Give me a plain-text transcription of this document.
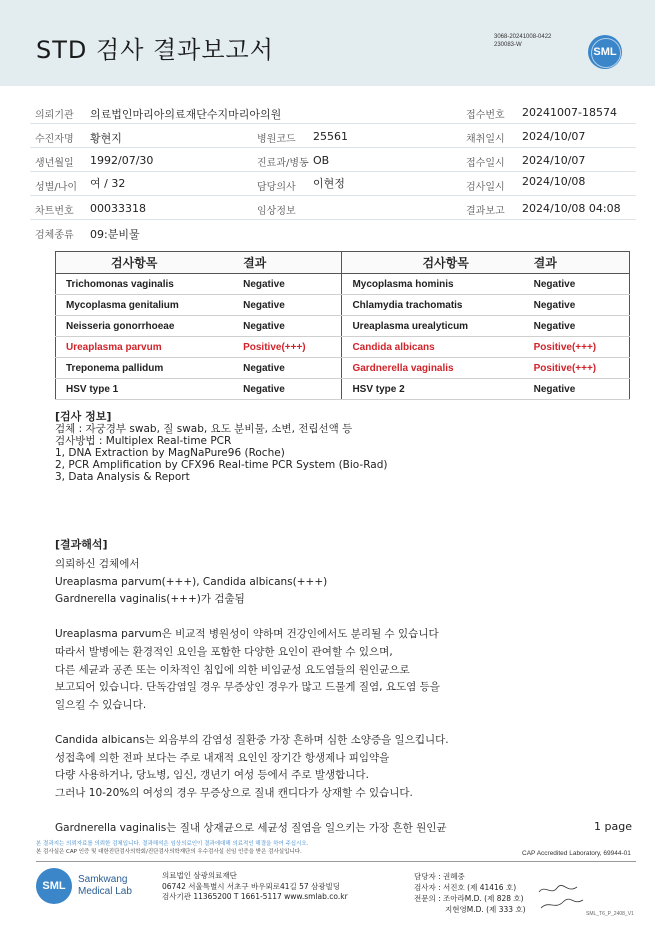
STD 검사 결과보고서	3068-20241008-0422
230083-W
SML
의뢰기관 의료법인마리아의료재단수지마리아의원	접수번호 20241007-18574
수진자명 황현지	병원코드 25561	채취일시 2024/10/07
생년월일 1992/07/30	진료과/병동 OB	접수일시 2024/10/07
성별/나이 여 / 32	담당의사 이현정	검사일시 2024/10/08
차트번호 00033318	임상정보	결과보고 2024/10/08 04:08
검체종류 09:분비물
검사항목	결과	검사항목	결과
Trichomonas vaginalis	Negative	Mycoplasma hominis	Negative
Mycoplasma genitalium	Negative	Chlamydia trachomatis	Negative
Neisseria gonorrhoeae	Negative	Ureaplasma urealyticum	Negative
Ureaplasma parvum	Positive(+++)	Candida albicans	Positive(+++)
Treponema pallidum	Negative	Gardnerella vaginalis	Positive(+++)
HSV type 1	Negative	HSV type 2	Negative
[검사 정보]
검체 : 자궁경부 swab, 질 swab, 요도 분비물, 소변, 전립선액 등
검사방법 : Multiplex Real-time PCR
1, DNA Extraction by MagNaPure96 (Roche)
2, PCR Amplification by CFX96 Real-time PCR System (Bio-Rad)
3, Data Analysis & Report
[결과해석]

의뢰하신 검체에서
Ureaplasma parvum(+++), Candida albicans(+++)
Gardnerella vaginalis(+++)가 검출됨

Ureaplasma parvum은 비교적 병원성이 약하며 건강인에서도 분리될 수 있습니다
따라서 발병에는 환경적인 요인을 포함한 다양한 요인이 관여할 수 있으며,
다른 세균과 공존 또는 이차적인 침입에 의한 비임균성 요도염들의 원인균으로
보고되어 있습니다. 단독감염일 경우 무증상인 경우가 많고 드물게 질염, 요도염 등을
일으킬 수 있습니다.

Candida albicans는 외음부의 감염성 질환중 가장 흔하며 심한 소양증을 일으킵니다.
성접촉에 의한 전파 보다는 주로 내재적 요인인 장기간 항생제나 피임약을
다량 사용하거나, 당뇨병, 임신, 갱년기 여성 등에서 주로 발생합니다.
그러나 10-20%의 여성의 경우 무증상으로 질내 캔디다가 상재할 수 있습니다.

Gardnerella vaginalis는 질내 상재균으로 세균성 질염을 일으키는 가장 흔한 원인균	1 page
본 결과지는 의뢰자료를 의뢰한 검체입니다. 결과해석은 임상의료인이 결과에대해 의료적인 해결을 하여 주십시오.
본 검사실은 CAP 인증 및 대한진단검사의학회/진단검사의학재단의 우수검사실 신임 인증을 받은 검사실입니다.	CAP Accredited Laboratory, 69944-01
SML
Samkwang
Medical Lab
의료법인 삼광의료재단
06742 서울특별시 서초구 바우뫼로41길 57 삼광빌딩
검사기관 11365200 T 1661-5117 www.smlab.co.kr
담당자 : 권혜중
검사자 : 서진호 (제 41416 호)
전문의 : 조아라M.D. (제 828 호)
지현영M.D. (제 333 호)	SML_T6_P_2408_V1
